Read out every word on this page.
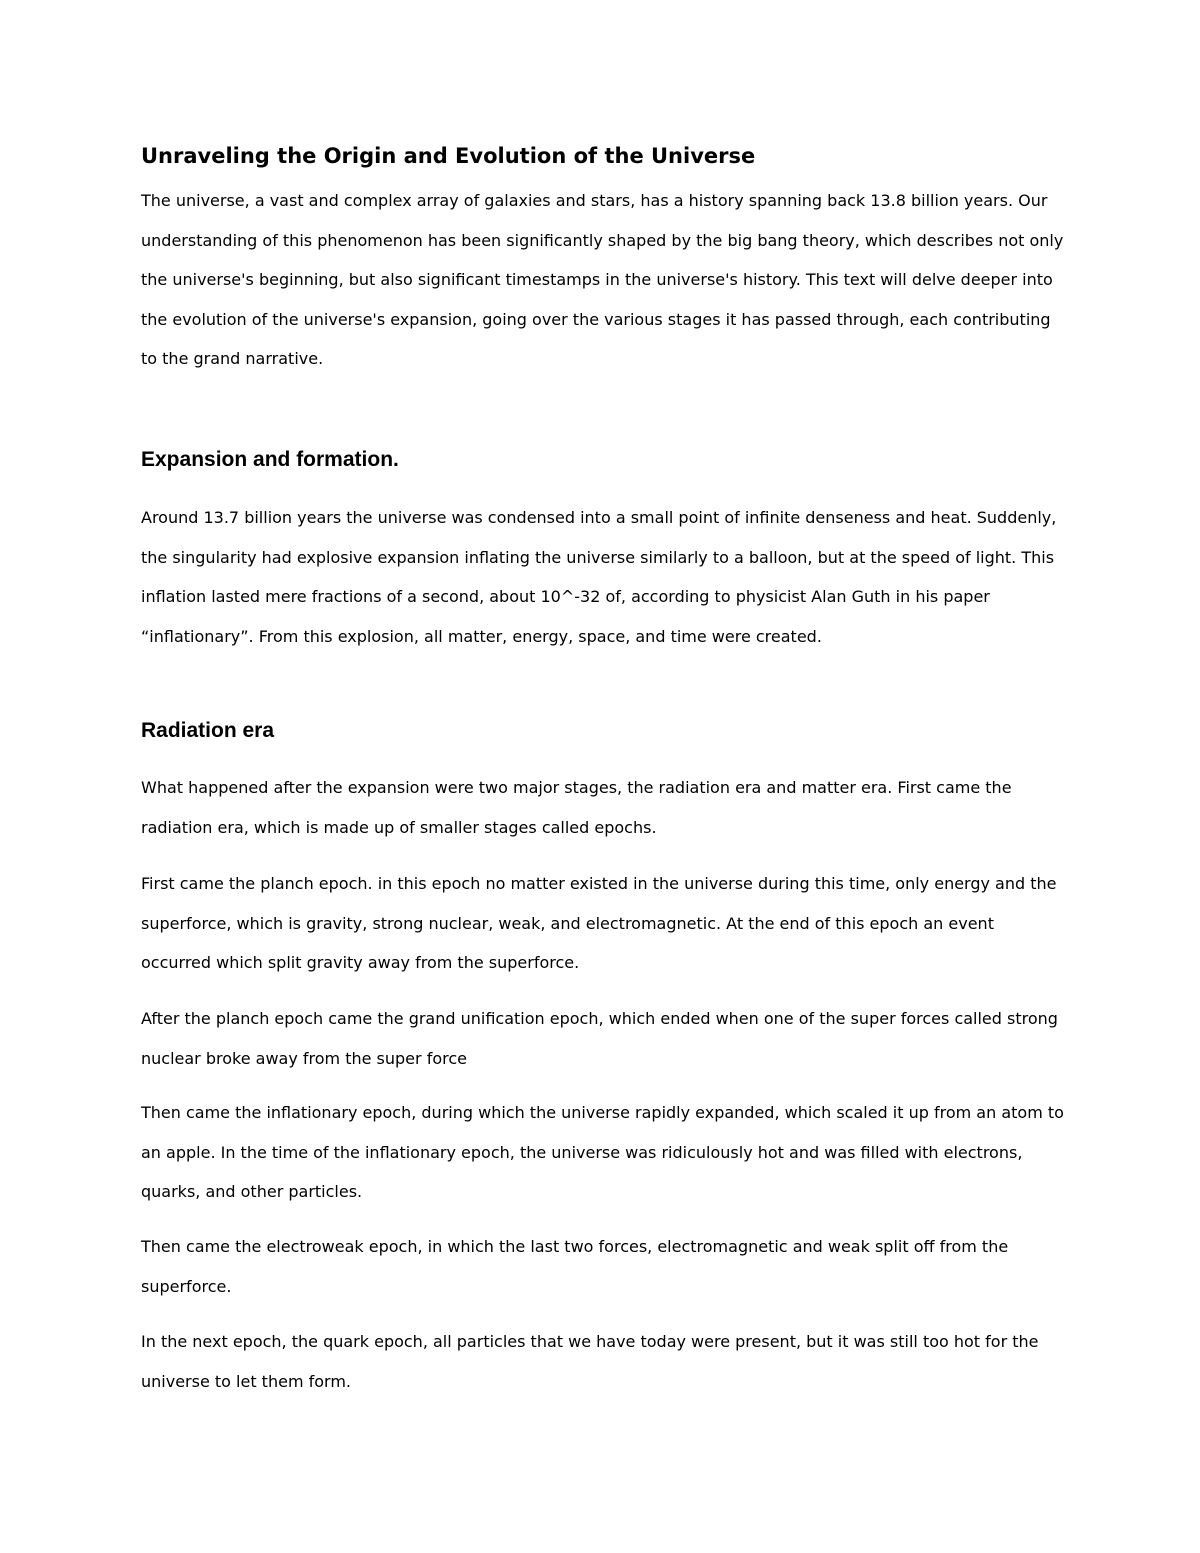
Unraveling the Origin and Evolution of the Universe

The universe, a vast and complex array of galaxies and stars, has a history spanning back 13.8 billion years. Our understanding of this phenomenon has been significantly shaped by the big bang theory, which describes not only the universe's beginning, but also significant timestamps in the universe's history. This text will delve deeper into the evolution of the universe's expansion, going over the various stages it has passed through, each contributing to the grand narrative.

Expansion and formation.

Around 13.7 billion years the universe was condensed into a small point of infinite denseness and heat. Suddenly, the singularity had explosive expansion inflating the universe similarly to a balloon, but at the speed of light. This inflation lasted mere fractions of a second, about 10^-32 of, according to physicist Alan Guth in his paper “inflationary”. From this explosion, all matter, energy, space, and time were created.

Radiation era

What happened after the expansion were two major stages, the radiation era and matter era. First came the radiation era, which is made up of smaller stages called epochs.

First came the planch epoch. in this epoch no matter existed in the universe during this time, only energy and the superforce, which is gravity, strong nuclear, weak, and electromagnetic. At the end of this epoch an event occurred which split gravity away from the superforce.

After the planch epoch came the grand unification epoch, which ended when one of the super forces called strong nuclear broke away from the super force

Then came the inflationary epoch, during which the universe rapidly expanded, which scaled it up from an atom to an apple. In the time of the inflationary epoch, the universe was ridiculously hot and was filled with electrons, quarks, and other particles.

Then came the electroweak epoch, in which the last two forces, electromagnetic and weak split off from the superforce.

In the next epoch, the quark epoch, all particles that we have today were present, but it was still too hot for the universe to let them form.
